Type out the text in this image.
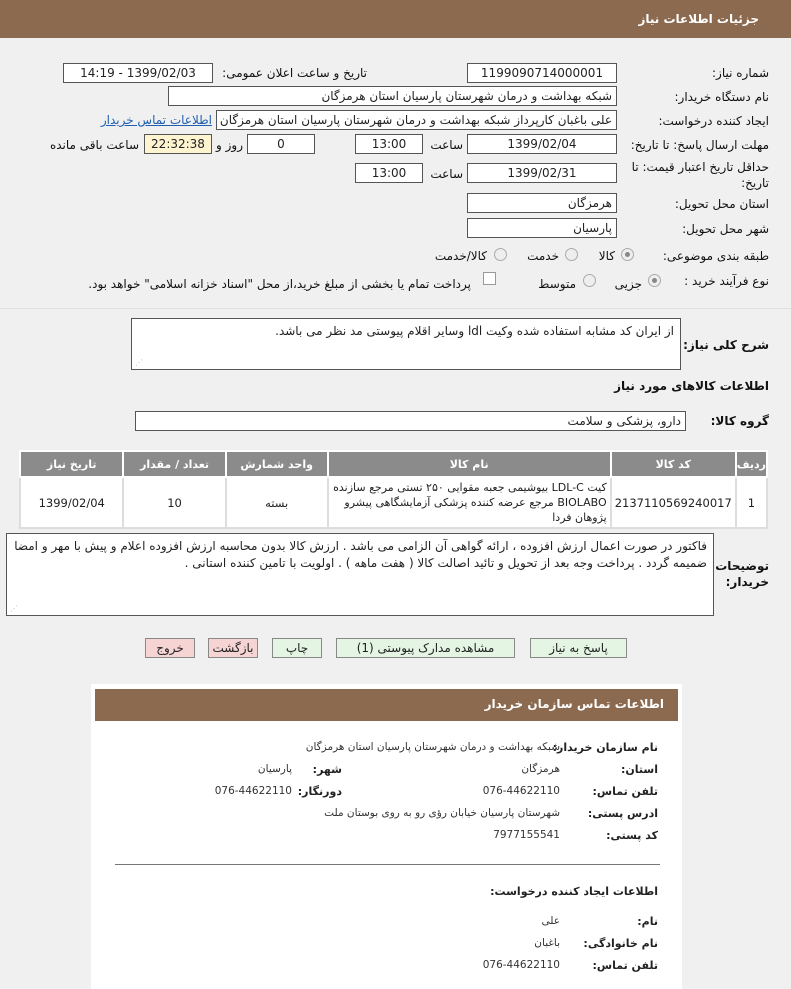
جزئیات اطلاعات نیاز
شماره نیاز:
1199090714000001
تاریخ و ساعت اعلان عمومی:
1399/02/03 - 14:19
نام دستگاه خریدار:
شبکه بهداشت و درمان شهرستان پارسیان استان هرمزگان
ایجاد کننده درخواست:
علی باغبان کارپرداز شبکه بهداشت و درمان شهرستان پارسیان استان هرمزگان
اطلاعات تماس خریدار
مهلت ارسال پاسخ: تا تاریخ:
1399/02/04
ساعت
13:00
0
روز و
22:32:38
ساعت باقی مانده
حداقل تاریخ اعتبار قیمت: تا
تاریخ:
1399/02/31
ساعت
13:00
استان محل تحویل:
هرمزگان
شهر محل تحویل:
پارسیان
طبقه بندی موضوعی:
کالا
خدمت
کالا/خدمت
نوع فرآیند خرید :
جزیی
متوسط
پرداخت تمام یا بخشی از مبلغ خرید،از محل "اسناد خزانه اسلامی" خواهد بود.
شرح کلی نیاز:
از ایران کد مشابه استفاده شده وکیت ldl وسایر اقلام پیوستی مد نظر می باشد.
⋰
اطلاعات کالاهای مورد نیاز
گروه کالا:
دارو، پزشکی و سلامت
ردیف	کد کالا	نام کالا	واحد شمارش	تعداد / مقدار	تاریخ نیاز
1	2137110569240017	کیت LDL-C بیوشیمی جعبه مقوایی ۲۵۰ تستی مرجع سازنده BIOLABO مرجع عرضه کننده پزشکی آزمایشگاهی پیشرو پژوهان فردا	بسته	10	1399/02/04
توضیحات
خریدار:
فاکتور در صورت اعمال ارزش افزوده ، ارائه گواهی آن الزامی می باشد . ارزش کالا بدون محاسبه ارزش افزوده اعلام و پیش با مهر و امضا ضمیمه گردد . پرداخت وجه بعد از تحویل و تائید اصالت کالا ( هفت ماهه ) . اولویت با تامین کننده استانی .
⋰
پاسخ به نیاز
مشاهده مدارک پیوستی (1)
چاپ
بازگشت
خروج
اطلاعات تماس سازمان خریدار
نام سازمان خریدار:
شبکه بهداشت و درمان شهرستان پارسیان استان هرمزگان
استان:
هرمزگان
شهر:
پارسیان
تلفن تماس:
076-44622110
دورنگار:
076-44622110
ادرس پستی:
شهرستان پارسیان خیابان رؤی رو به روی بوستان ملت
کد پستی:
7977155541
اطلاعات ایجاد کننده درخواست:
نام:
علی
نام خانوادگی:
باغبان
تلفن تماس:
076-44622110
